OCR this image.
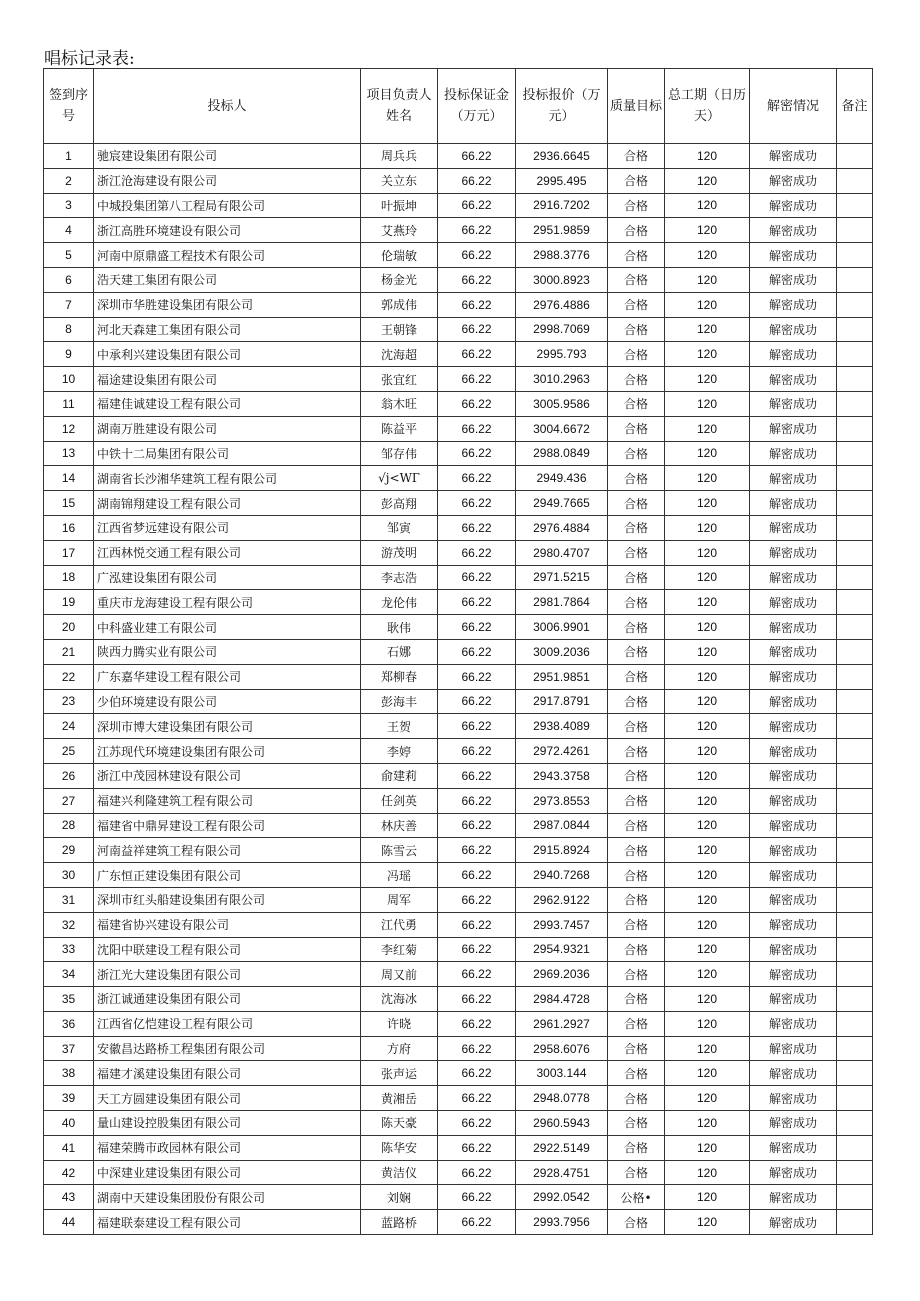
唱标记录表:
签到序号	投标人	项目负责人姓名	投标保证金（万元）	投标报价（万元）	质量目标	总工期（日历天）	解密情况	备注
1	驰宸建设集团有限公司	周兵兵	66.22	2936.6645	合格	120	解密成功	
2	浙江沧海建设有限公司	关立东	66.22	2995.495	合格	120	解密成功	
3	中城投集团第八工程局有限公司	叶振坤	66.22	2916.7202	合格	120	解密成功	
4	浙江高胜环境建设有限公司	艾燕玲	66.22	2951.9859	合格	120	解密成功	
5	河南中原鼎盛工程技术有限公司	伦瑞敏	66.22	2988.3776	合格	120	解密成功	
6	浩天建工集团有限公司	杨金光	66.22	3000.8923	合格	120	解密成功	
7	深圳市华胜建设集团有限公司	郭成伟	66.22	2976.4886	合格	120	解密成功	
8	河北天森建工集团有限公司	王朝锋	66.22	2998.7069	合格	120	解密成功	
9	中承利兴建设集团有限公司	沈海超	66.22	2995.793	合格	120	解密成功	
10	福途建设集团有限公司	张宜红	66.22	3010.2963	合格	120	解密成功	
11	福建佳诚建设工程有限公司	翁木旺	66.22	3005.9586	合格	120	解密成功	
12	湖南万胜建设有限公司	陈益平	66.22	3004.6672	合格	120	解密成功	
13	中铁十二局集团有限公司	邹存伟	66.22	2988.0849	合格	120	解密成功	
14	湖南省长沙湘华建筑工程有限公司	√j<WГ	66.22	2949.436	合格	120	解密成功	
15	湖南锦翔建设工程有限公司	彭高翔	66.22	2949.7665	合格	120	解密成功	
16	江西省梦远建设有限公司	邹寅	66.22	2976.4884	合格	120	解密成功	
17	江西林悦交通工程有限公司	游茂明	66.22	2980.4707	合格	120	解密成功	
18	广泓建设集团有限公司	李志浩	66.22	2971.5215	合格	120	解密成功	
19	重庆市龙海建设工程有限公司	龙伦伟	66.22	2981.7864	合格	120	解密成功	
20	中科盛业建工有限公司	耿伟	66.22	3006.9901	合格	120	解密成功	
21	陕西力腾实业有限公司	石娜	66.22	3009.2036	合格	120	解密成功	
22	广东嘉华建设工程有限公司	郑柳春	66.22	2951.9851	合格	120	解密成功	
23	少伯环境建设有限公司	彭海丰	66.22	2917.8791	合格	120	解密成功	
24	深圳市博大建设集团有限公司	王贺	66.22	2938.4089	合格	120	解密成功	
25	江苏现代环境建设集团有限公司	李婷	66.22	2972.4261	合格	120	解密成功	
26	浙江中茂园林建设有限公司	俞建莉	66.22	2943.3758	合格	120	解密成功	
27	福建兴利隆建筑工程有限公司	任剑英	66.22	2973.8553	合格	120	解密成功	
28	福建省中鼎昇建设工程有限公司	林庆善	66.22	2987.0844	合格	120	解密成功	
29	河南益祥建筑工程有限公司	陈雪云	66.22	2915.8924	合格	120	解密成功	
30	广东恒正建设集团有限公司	冯瑶	66.22	2940.7268	合格	120	解密成功	
31	深圳市红头船建设集团有限公司	周军	66.22	2962.9122	合格	120	解密成功	
32	福建省协兴建设有限公司	江代勇	66.22	2993.7457	合格	120	解密成功	
33	沈阳中联建设工程有限公司	李红菊	66.22	2954.9321	合格	120	解密成功	
34	浙江光大建设集团有限公司	周又前	66.22	2969.2036	合格	120	解密成功	
35	浙江诚通建设集团有限公司	沈海冰	66.22	2984.4728	合格	120	解密成功	
36	江西省亿恺建设工程有限公司	许晓	66.22	2961.2927	合格	120	解密成功	
37	安徽昌达路桥工程集团有限公司	方府	66.22	2958.6076	合格	120	解密成功	
38	福建才溪建设集团有限公司	张声运	66.22	3003.144	合格	120	解密成功	
39	天工方圆建设集团有限公司	黄湘岳	66.22	2948.0778	合格	120	解密成功	
40	量山建设控股集团有限公司	陈天豪	66.22	2960.5943	合格	120	解密成功	
41	福建荣腾市政园林有限公司	陈华安	66.22	2922.5149	合格	120	解密成功	
42	中深建业建设集团有限公司	黄洁仪	66.22	2928.4751	合格	120	解密成功	
43	湖南中天建设集团股份有限公司	刘娴	66.22	2992.0542	公格•	120	解密成功	
44	福建联泰建设工程有限公司	蓝路桥	66.22	2993.7956	合格	120	解密成功	
